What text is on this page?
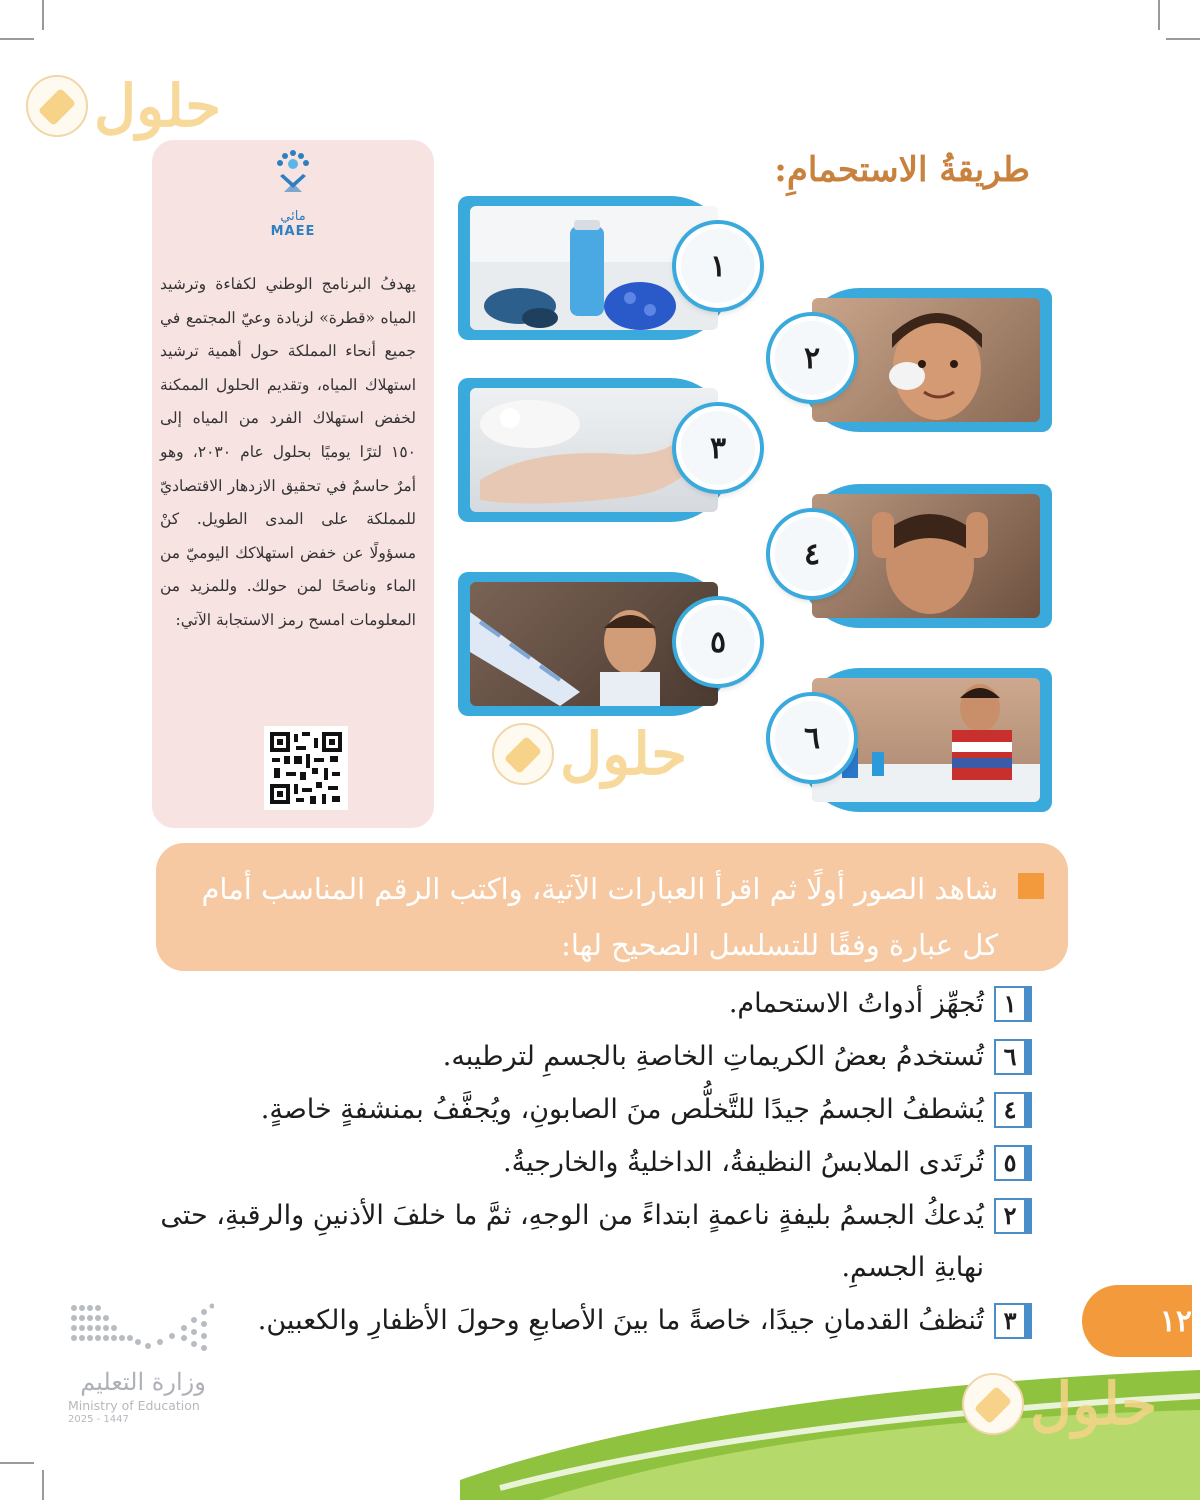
حلول
حلول
طريقةُ الاستحمامِ:
مائي
MAEE
يهدفُ البرنامج الوطني لكفاءة وترشيد المياه «قطرة» لزيادة وعيّ المجتمع في جميع أنحاء المملكة حول أهمية ترشيد استهلاك المياه، وتقديم الحلول الممكنة لخفض استهلاك الفرد من المياه إلى ١٥٠ لترًا يوميًا بحلول عام ٢٠٣٠، وهو أمرٌ حاسمٌ في تحقيق الازدهار الاقتصاديّ للمملكة على المدى الطويل. كنْ مسؤولًا عن خفض استهلاكك اليوميّ من الماء وناصحًا لمن حولك. وللمزيد من المعلومات امسح رمز الاستجابة الآتي:
١
٢
٣
٤
٥
٦
شاهد الصور أولًا ثم اقرأ العبارات الآتية، واكتب الرقم المناسب أمام كل عبارة وفقًا للتسلسل الصحيح لها:
١
تُجهِّز أدواتُ الاستحمام.
٦
تُستخدمُ بعضُ الكريماتِ الخاصةِ بالجسمِ لترطيبه.
٤
يُشطفُ الجسمُ جيدًا للتَّخلُّص منَ الصابونِ، ويُجفَّفُ بمنشفةٍ خاصةٍ.
٥
تُرتَدى الملابسُ النظيفةُ، الداخليةُ والخارجيةُ.
٢
يُدعكُ الجسمُ بليفةٍ ناعمةٍ ابتداءً من الوجهِ، ثمَّ ما خلفَ الأذنينِ والرقبةِ، حتى نهايةِ الجسمِ.
٣
تُنظفُ القدمانِ جيدًا، خاصةً ما بينَ الأصابعِ وحولَ الأظفارِ والكعبين.	١٢
حلول
وزارة التعليم
Ministry of Education
2025 - 1447
